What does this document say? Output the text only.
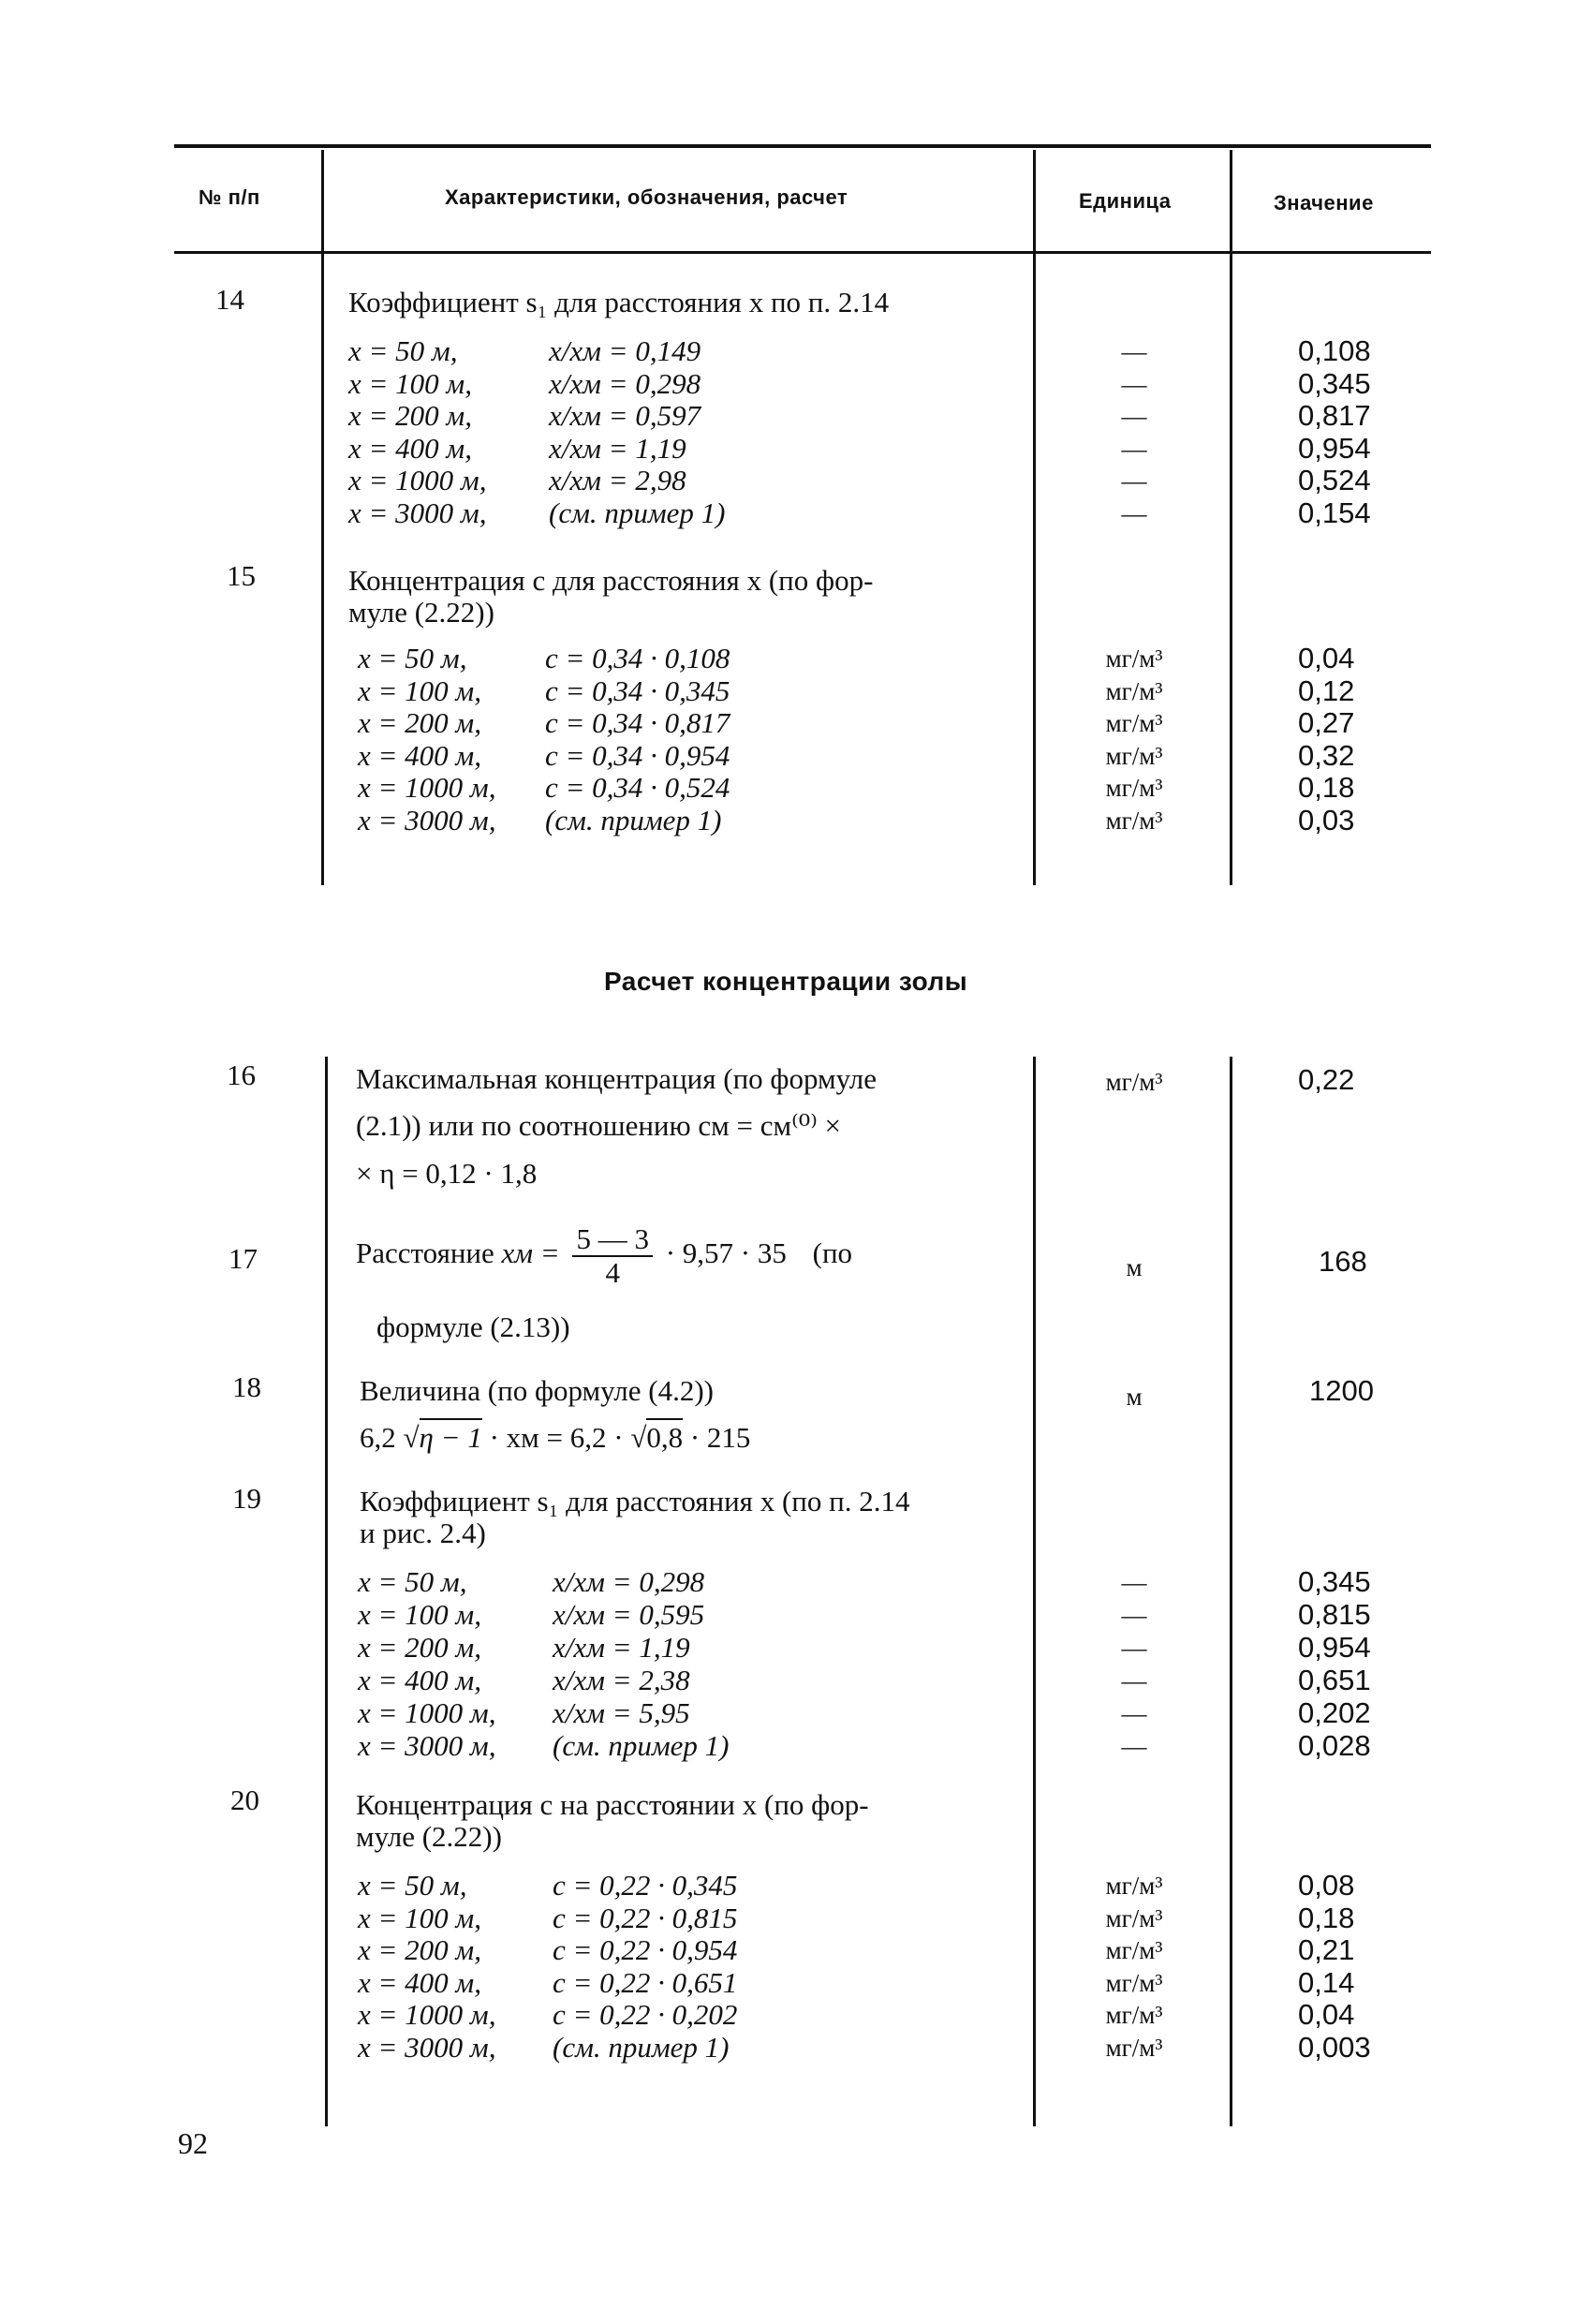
№ п/п	Характеристики, обозначения, расчет	Единица	Значение
14	Коэффициент s₁ для расстояния x по п. 2.14
x = 50 м,	x/xм = 0,149	—	0,108
x = 100 м,	x/xм = 0,298	—	0,345
x = 200 м,	x/xм = 0,597	—	0,817
x = 400 м,	x/xм = 1,19	—	0,954
x = 1000 м, x/xм = 2,98	—	0,524
x = 3000 м, (см. пример 1)	—	0,154
15	Концентрация c для расстояния x (по фор-
муле (2.22))
x = 50 м,	c = 0,34 · 0,108	мг/м³	0,04
x = 100 м, c = 0,34 · 0,345	мг/м³	0,12
x = 200 м, c = 0,34 · 0,817	мг/м³	0,27
x = 400 м, c = 0,34 · 0,954	мг/м³	0,32
x = 1000 м, c = 0,34 · 0,524	мг/м³	0,18
x = 3000 м, (см. пример 1)	мг/м³	0,03
Расчет концентрации золы
16	Максимальная концентрация (по формуле
(2.1)) или по соотношению cм = cм⁽⁰⁾ ×
× η = 0,12 · 1,8
мг/м³	0,22
17	Расстояние xм = $\frac{5 — 3}{4} \cdot 9,57 \cdot 35$ (по
формуле (2.13))
м	168
18	Величина (по формуле (4.2))
6,2 √η − 1 · xм = 6,2 · √0,8 · 215
м	1200
19	Коэффициент s₁ для расстояния x (по п. 2.14
и рис. 2.4)
x = 50 м,	x/xм = 0,298	—	0,345
x = 100 м, x/xм = 0,595	—	0,815
x = 200 м, x/xм = 1,19	—	0,954
x = 400 м, x/xм = 2,38	—	0,651
x = 1000 м, x/xм = 5,95	—	0,202
x = 3000 м, (см. пример 1)	—	0,028
20	Концентрация c на расстоянии x (по фор-
муле (2.22))
x = 50 м,	c = 0,22 · 0,345	мг/м³	0,08
x = 100 м, c = 0,22 · 0,815	мг/м³	0,18
x = 200 м, c = 0,22 · 0,954	мг/м³	0,21
x = 400 м, c = 0,22 · 0,651	мг/м³	0,14
x = 1000 м, c = 0,22 · 0,202	мг/м³	0,04
x = 3000 м, (см. пример 1)	мг/м³	0,003
92
